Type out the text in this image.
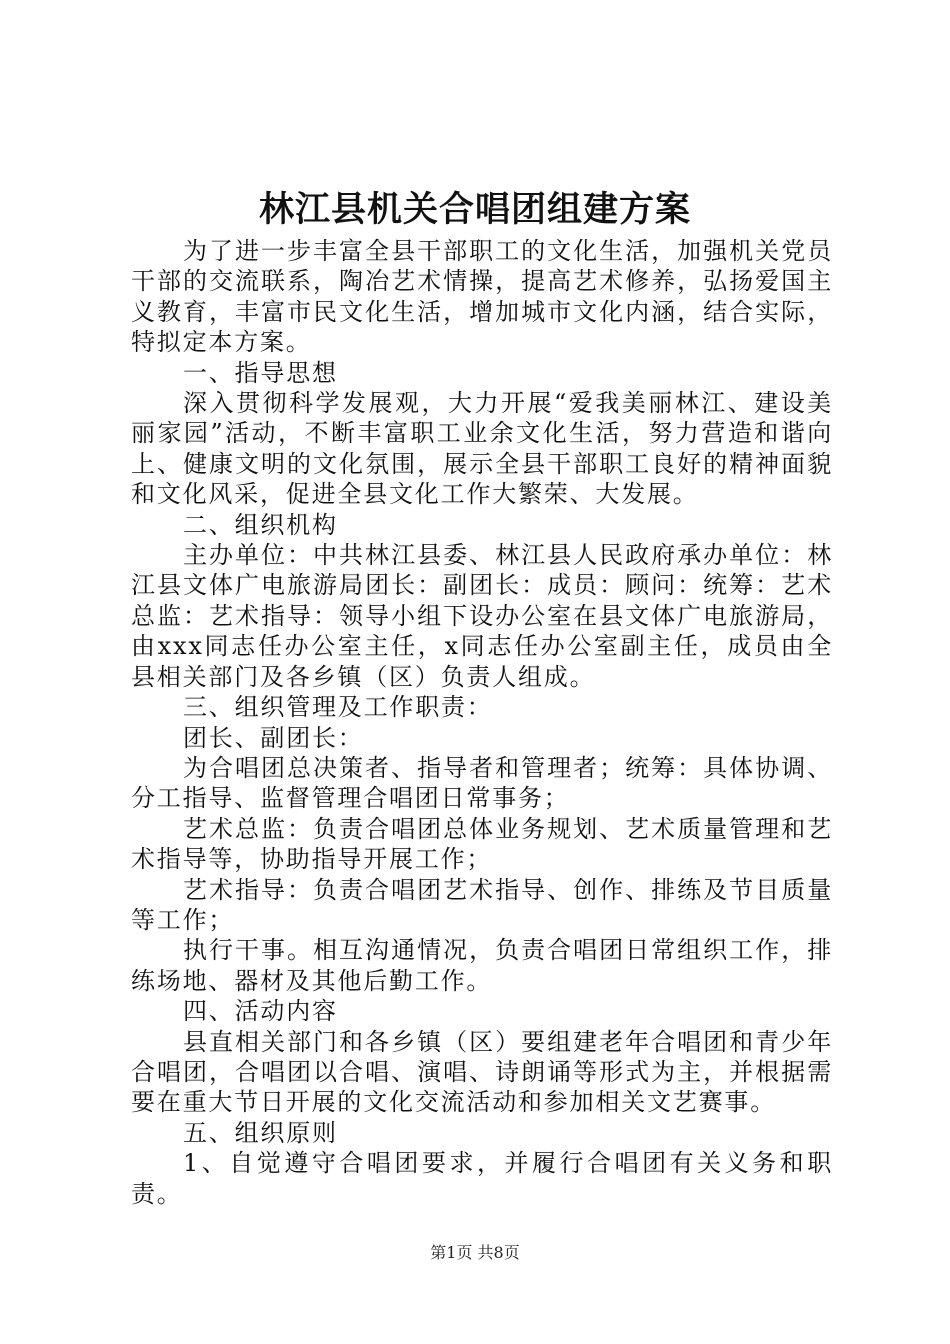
林江县机关合唱团组建方案

为了进一步丰富全县干部职工的文化生活，加强机关党员干部的交流联系，陶冶艺术情操，提高艺术修养，弘扬爱国主义教育，丰富市民文化生活，增加城市文化内涵，结合实际，特拟定本方案。

一、指导思想

深入贯彻科学发展观，大力开展“爱我美丽林江、建设美丽家园”活动，不断丰富职工业余文化生活，努力营造和谐向上、健康文明的文化氛围，展示全县干部职工良好的精神面貌和文化风采，促进全县文化工作大繁荣、大发展。

二、组织机构

主办单位：中共林江县委、林江县人民政府承办单位：林江县文体广电旅游局团长：副团长：成员：顾问：统筹：艺术总监：艺术指导：领导小组下设办公室在县文体广电旅游局，由xxx同志任办公室主任，x同志任办公室副主任，成员由全县相关部门及各乡镇（区）负责人组成。

三、组织管理及工作职责：

团长、副团长：

为合唱团总决策者、指导者和管理者；统筹：具体协调、分工指导、监督管理合唱团日常事务；

艺术总监：负责合唱团总体业务规划、艺术质量管理和艺术指导等，协助指导开展工作；

艺术指导：负责合唱团艺术指导、创作、排练及节目质量等工作；

执行干事。相互沟通情况，负责合唱团日常组织工作，排练场地、器材及其他后勤工作。

四、活动内容

县直相关部门和各乡镇（区）要组建老年合唱团和青少年合唱团，合唱团以合唱、演唱、诗朗诵等形式为主，并根据需要在重大节日开展的文化交流活动和参加相关文艺赛事。

五、组织原则

1、自觉遵守合唱团要求，并履行合唱团有关义务和职责。

第1页 共8页
